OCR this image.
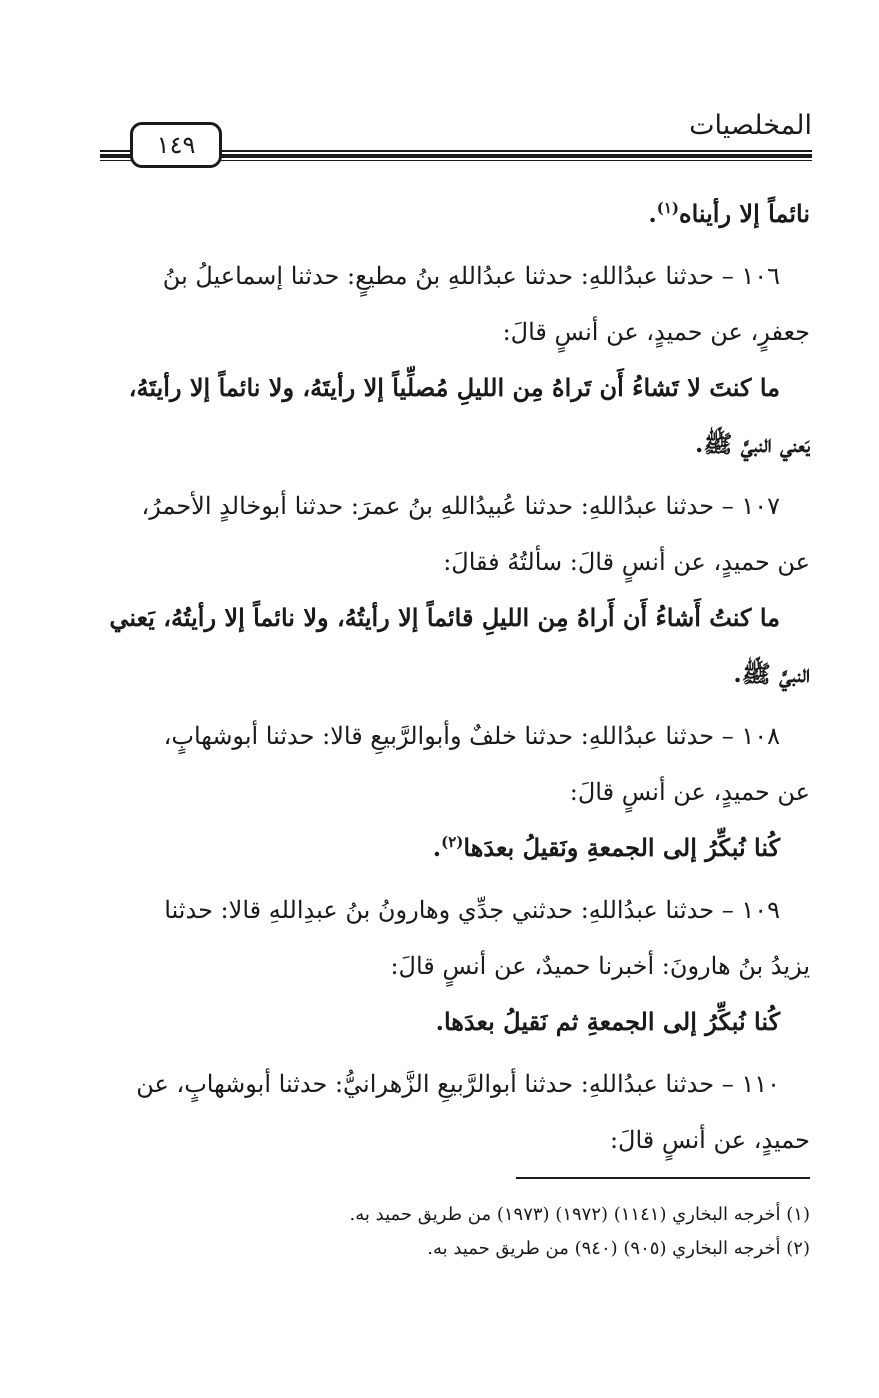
المخلصيات
١٤٩
نائماً إلا رأيناه$^{(١)}$.
١٠٦ – حدثنا عبدُاللهِ: حدثنا عبدُاللهِ بنُ مطيعٍ: حدثنا إسماعيلُ بنُ
جعفرٍ، عن حميدٍ، عن أنسٍ قالَ:
ما كنتَ لا تَشاءُ أَن تَراهُ مِن الليلِ مُصلِّياً إلا رأيتَهُ، ولا نائماً إلا رأيتَهُ،
يَعني النبيَّ ﷺ.
١٠٧ – حدثنا عبدُاللهِ: حدثنا عُبيدُاللهِ بنُ عمرَ: حدثنا أبوخالدٍ الأحمرُ،
عن حميدٍ، عن أنسٍ قالَ: سألتُهُ فقالَ:
ما كنتُ أَشاءُ أَن أَراهُ مِن الليلِ قائماً إلا رأيتُهُ، ولا نائماً إلا رأيتُهُ، يَعني
النبيَّ ﷺ.
١٠٨ – حدثنا عبدُاللهِ: حدثنا خلفٌ وأبوالرَّبيعِ قالا: حدثنا أبوشهابٍ،
عن حميدٍ، عن أنسٍ قالَ:
كُنا نُبكِّرُ إلى الجمعةِ ونَقيلُ بعدَها$^{(٢)}$.
١٠٩ – حدثنا عبدُاللهِ: حدثني جدِّي وهارونُ بنُ عبدِاللهِ قالا: حدثنا
يزيدُ بنُ هارونَ: أخبرنا حميدٌ، عن أنسٍ قالَ:
كُنا نُبكِّرُ إلى الجمعةِ ثم نَقيلُ بعدَها.
١١٠ – حدثنا عبدُاللهِ: حدثنا أبوالرَّبيعِ الزَّهرانيُّ: حدثنا أبوشهابٍ، عن
حميدٍ، عن أنسٍ قالَ:
(١) أخرجه البخاري (١١٤١) (١٩٧٢) (١٩٧٣) من طريق حميد به.
(٢) أخرجه البخاري (٩٠٥) (٩٤٠) من طريق حميد به.
